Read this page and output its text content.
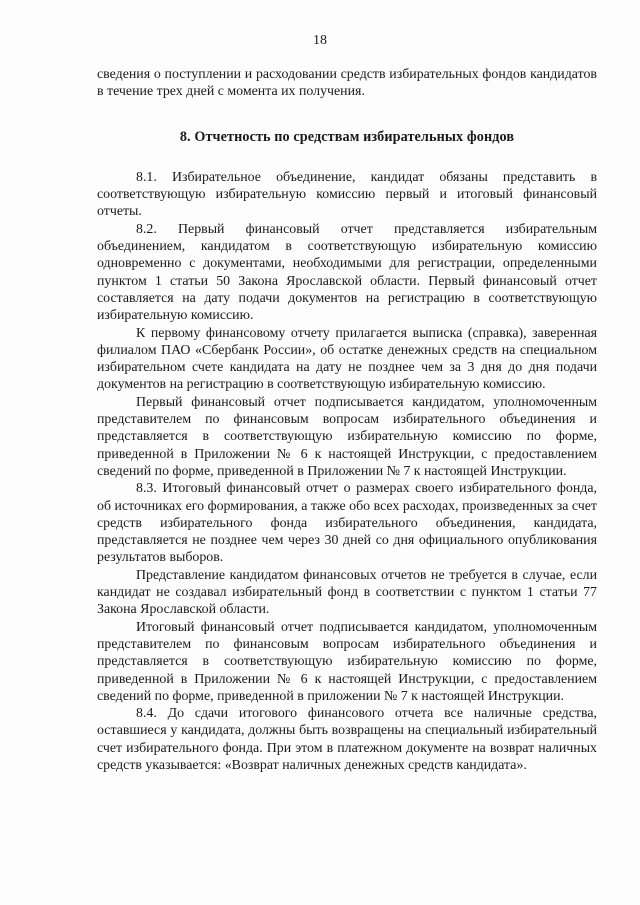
18

сведения о поступлении и расходовании средств избирательных фондов кандидатов в течение трех дней с момента их получения.

8. Отчетность по средствам избирательных фондов

8.1. Избирательное объединение, кандидат обязаны представить в соответствующую избирательную комиссию первый и итоговый финансовый отчеты.

8.2. Первый финансовый отчет представляется избирательным объединением, кандидатом в соответствующую избирательную комиссию одновременно с документами, необходимыми для регистрации, определенными пунктом 1 статьи 50 Закона Ярославской области. Первый финансовый отчет составляется на дату подачи документов на регистрацию в соответствующую избирательную комиссию.

К первому финансовому отчету прилагается выписка (справка), заверенная филиалом ПАО «Сбербанк России», об остатке денежных средств на специальном избирательном счете кандидата на дату не позднее чем за 3 дня до дня подачи документов на регистрацию в соответствующую избирательную комиссию.

Первый финансовый отчет подписывается кандидатом, уполномоченным представителем по финансовым вопросам избирательного объединения и представляется в соответствующую избирательную комиссию по форме, приведенной в Приложении № 6 к настоящей Инструкции, с предоставлением сведений по форме, приведенной в Приложении № 7 к настоящей Инструкции.

8.3. Итоговый финансовый отчет о размерах своего избирательного фонда, об источниках его формирования, а также обо всех расходах, произведенных за счет средств избирательного фонда избирательного объединения, кандидата, представляется не позднее чем через 30 дней со дня официального опубликования результатов выборов.

Представление кандидатом финансовых отчетов не требуется в случае, если кандидат не создавал избирательный фонд в соответствии с пунктом 1 статьи 77 Закона Ярославской области.

Итоговый финансовый отчет подписывается кандидатом, уполномоченным представителем по финансовым вопросам избирательного объединения и представляется в соответствующую избирательную комиссию по форме, приведенной в Приложении № 6 к настоящей Инструкции, с предоставлением сведений по форме, приведенной в приложении № 7 к настоящей Инструкции.

8.4. До сдачи итогового финансового отчета все наличные средства, оставшиеся у кандидата, должны быть возвращены на специальный избирательный счет избирательного фонда. При этом в платежном документе на возврат наличных средств указывается: «Возврат наличных денежных средств кандидата».
